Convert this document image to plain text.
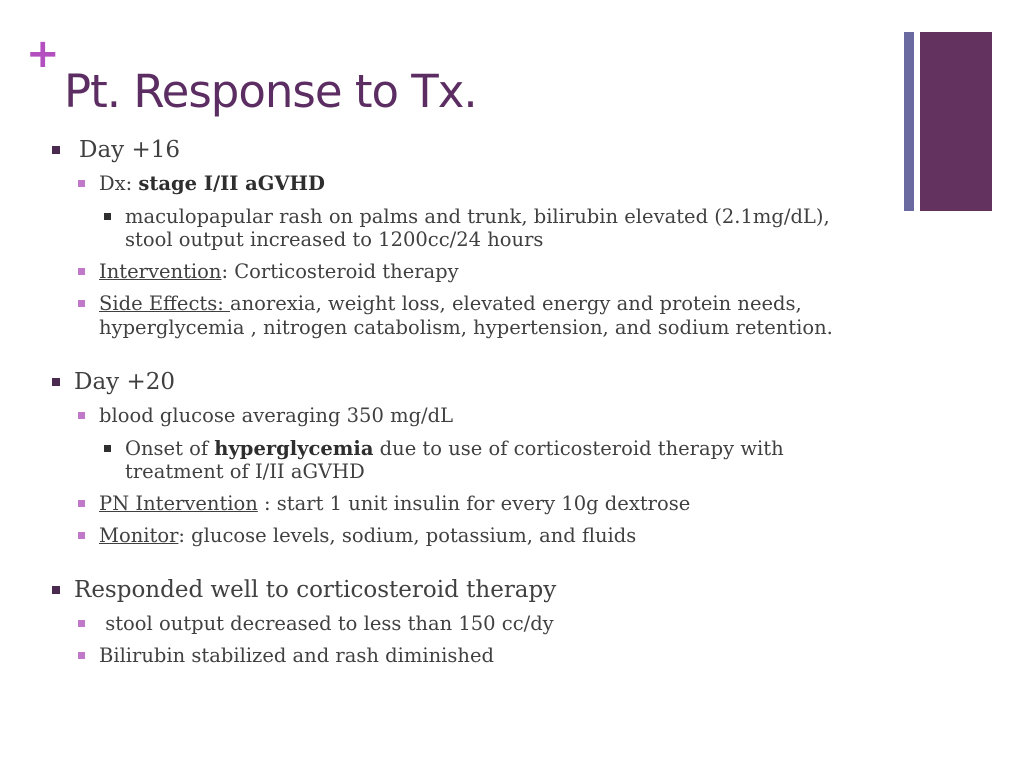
+
Pt. Response to Tx.
Day +16
Dx: stage I/II aGVHD
maculopapular rash on palms and trunk, bilirubin elevated (2.1mg/dL), stool output increased to 1200cc/24 hours
Intervention: Corticosteroid therapy
Side Effects: anorexia, weight loss, elevated energy and protein needs, hyperglycemia , nitrogen catabolism, hypertension, and sodium retention.
Day +20
blood glucose averaging 350 mg/dL
Onset of hyperglycemia due to use of corticosteroid therapy with treatment of I/II aGVHD
PN Intervention : start 1 unit insulin for every 10g dextrose
Monitor: glucose levels, sodium, potassium, and fluids
Responded well to corticosteroid therapy
stool output decreased to less than 150 cc/dy
Bilirubin stabilized and rash diminished
